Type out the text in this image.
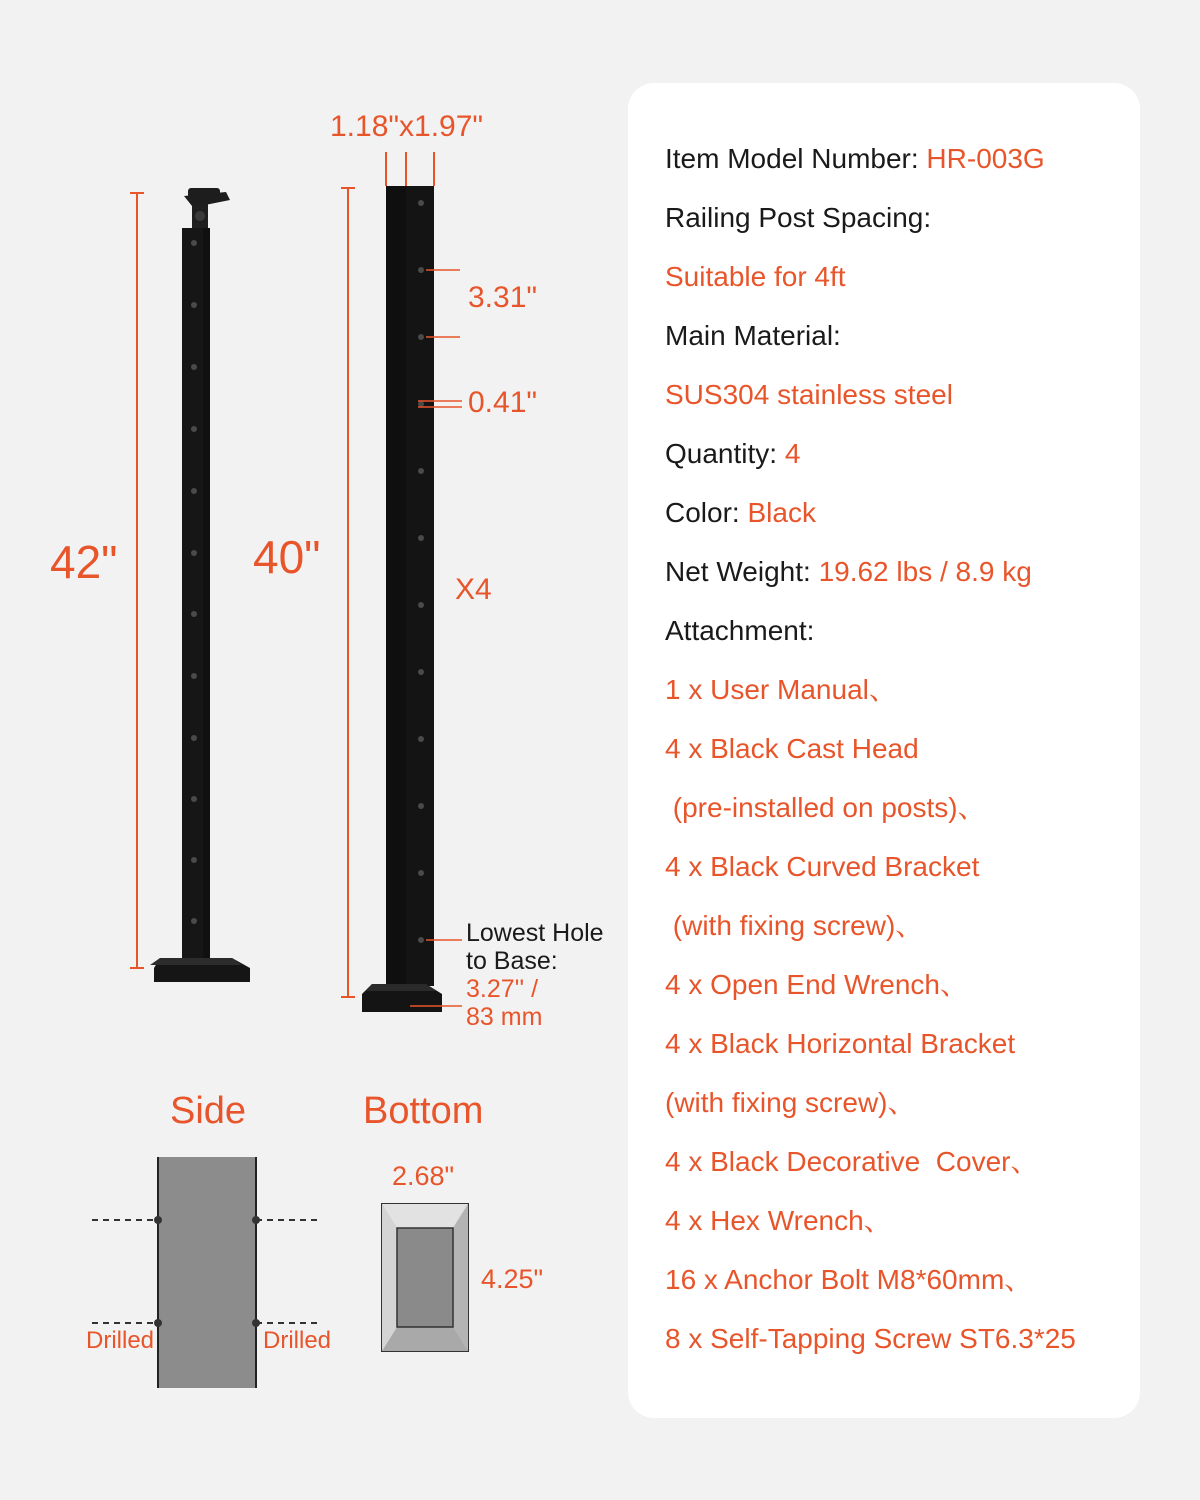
1.18"x1.97"
42"	40"
3.31"
0.41"
X4
Lowest Hole
to Base:
3.27'' /
83 mm
Side	Bottom
Drilled	Drilled
2.68"
4.25"
Item Model Number: HR-003G
Railing Post Spacing:
Suitable for 4ft
Main Material:
SUS304 stainless steel
Quantity: 4
Color: Black
Net Weight: 19.62 lbs / 8.9 kg
Attachment:
1 x User Manual、
4 x Black Cast Head
(pre-installed on posts)、
4 x Black Curved Bracket
(with fixing screw)、
4 x Open End Wrench、
4 x Black Horizontal Bracket
(with fixing screw)、
4 x Black Decorative  Cover、
4 x Hex Wrench、
16 x Anchor Bolt M8*60mm、
8 x Self-Tapping Screw ST6.3*25
